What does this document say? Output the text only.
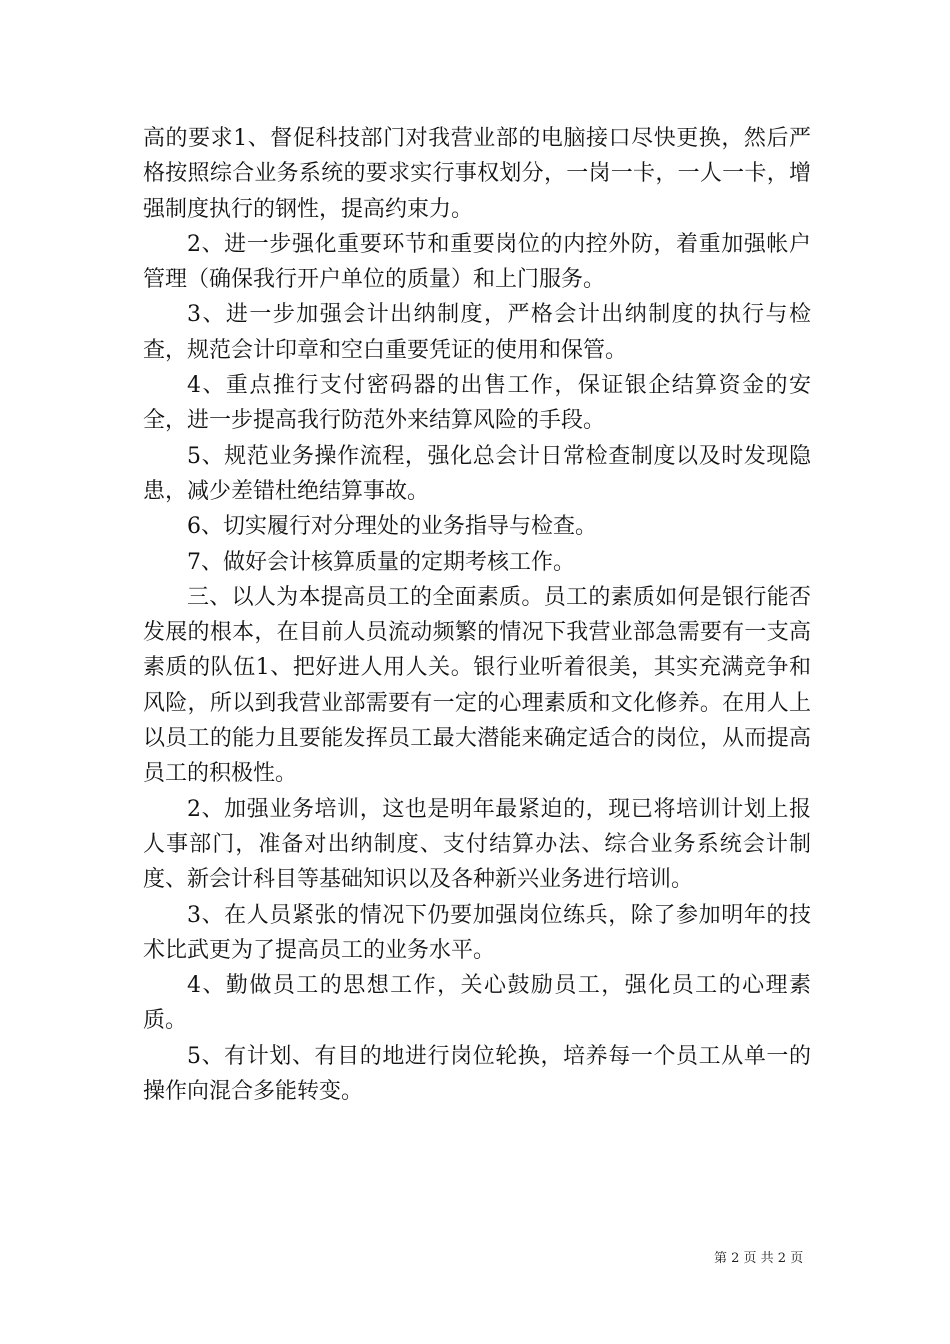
高的要求1、督促科技部门对我营业部的电脑接口尽快更换，然后严格按照综合业务系统的要求实行事权划分，一岗一卡，一人一卡，增强制度执行的钢性，提高约束力。

2、进一步强化重要环节和重要岗位的内控外防，着重加强帐户管理（确保我行开户单位的质量）和上门服务。

3、进一步加强会计出纳制度，严格会计出纳制度的执行与检查，规范会计印章和空白重要凭证的使用和保管。

4、重点推行支付密码器的出售工作，保证银企结算资金的安全，进一步提高我行防范外来结算风险的手段。

5、规范业务操作流程，强化总会计日常检查制度以及时发现隐患，减少差错杜绝结算事故。

6、切实履行对分理处的业务指导与检查。

7、做好会计核算质量的定期考核工作。

三、以人为本提高员工的全面素质。员工的素质如何是银行能否发展的根本，在目前人员流动频繁的情况下我营业部急需要有一支高素质的队伍1、把好进人用人关。银行业听着很美，其实充满竞争和风险，所以到我营业部需要有一定的心理素质和文化修养。在用人上以员工的能力且要能发挥员工最大潜能来确定适合的岗位，从而提高员工的积极性。

2、加强业务培训，这也是明年最紧迫的，现已将培训计划上报人事部门，准备对出纳制度、支付结算办法、综合业务系统会计制度、新会计科目等基础知识以及各种新兴业务进行培训。

3、在人员紧张的情况下仍要加强岗位练兵，除了参加明年的技术比武更为了提高员工的业务水平。

4、勤做员工的思想工作，关心鼓励员工，强化员工的心理素质。

5、有计划、有目的地进行岗位轮换，培养每一个员工从单一的操作向混合多能转变。

第 2 页 共 2 页
